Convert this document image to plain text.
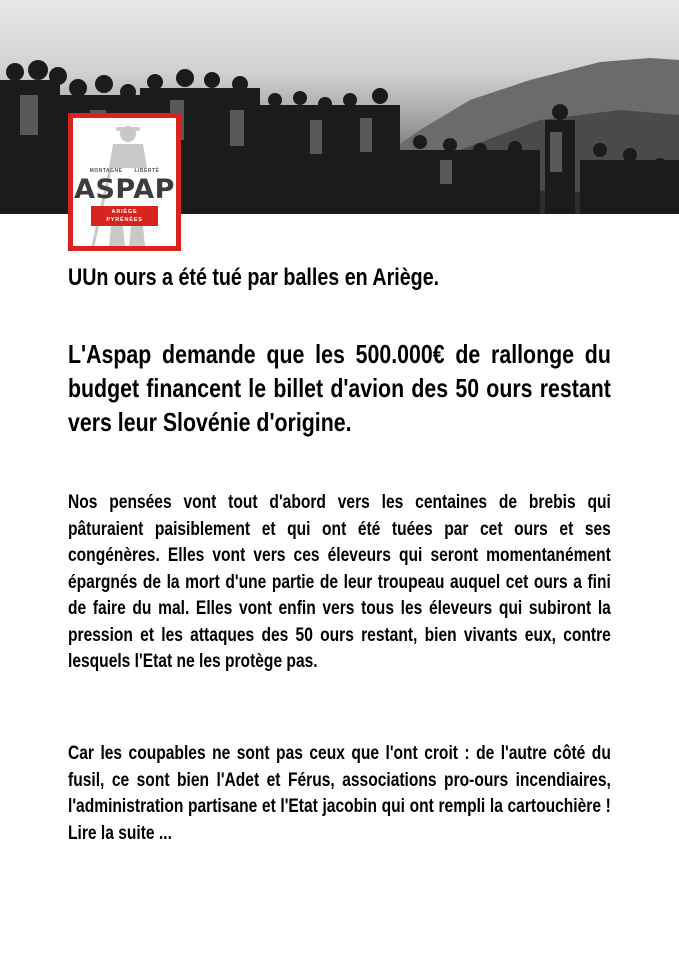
MONTAGNE LIBERTÉ
ASPAP
ARIÈGE
PYRÉNÉES
UUn ours a été tué par balles en Ariège.
L'Aspap demande que les 500.000€ de rallonge du budget financent le billet d'avion des 50 ours restant vers leur Slovénie d'origine.
Nos pensées vont tout d'abord vers les centaines de brebis qui pâturaient paisiblement et qui ont été tuées par cet ours et ses congénères. Elles vont vers ces éleveurs qui seront momentanément épargnés de la mort d'une partie de leur troupeau auquel cet ours a fini de faire du mal. Elles vont enfin vers tous les éleveurs qui subiront la pression et les attaques des 50 ours restant, bien vivants eux, contre lesquels l'Etat ne les protège pas.
Car les coupables ne sont pas ceux que l'ont croit : de l'autre côté du fusil, ce sont bien l'Adet et Férus, associations pro-ours incendiaires, l'administration partisane et l'Etat jacobin qui ont rempli la cartouchière ! Lire la suite ...
